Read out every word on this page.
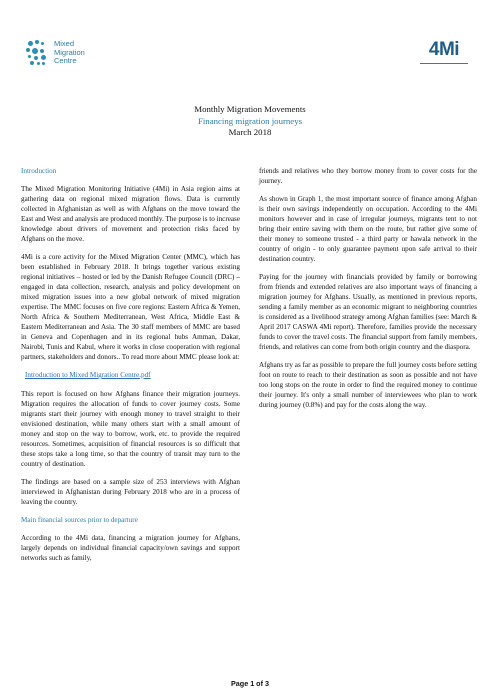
Mixed
Migration
Centre
4Mi
Monthly Migration Movements
Financing migration journeys
March 2018

Introduction

The Mixed Migration Monitoring Initiative (4Mi) in Asia region aims at gathering data on regional mixed migration flows. Data is currently collected in Afghanistan as well as with Afghans on the move toward the East and West and analysis are produced monthly. The purpose is to increase knowledge about drivers of movement and protection risks faced by Afghans on the move.

4Mi is a core activity for the Mixed Migration Center (MMC), which has been established in February 2018. It brings together various existing regional initiatives – hosted or led by the Danish Refugee Council (DRC) – engaged in data collection, research, analysis and policy development on mixed migration issues into a new global network of mixed migration expertise. The MMC focuses on five core regions: Eastern Africa & Yemen, North Africa & Southern Mediterranean, West Africa, Middle East & Eastern Mediterranean and Asia. The 30 staff members of MMC are based in Geneva and Copenhagen and in its regional hubs Amman, Dakar, Nairobi, Tunis and Kabul, where it works in close cooperation with regional partners, stakeholders and donors.. To read more about MMC please look at:

Introduction to Mixed Migration Centre.pdf

This report is focused on how Afghans finance their migration journeys. Migration requires the allocation of funds to cover journey costs. Some migrants start their journey with enough money to travel straight to their envisioned destination, while many others start with a small amount of money and stop on the way to borrow, work, etc. to provide the required resources. Sometimes, acquisition of financial resources is so difficult that these stops take a long time, so that the country of transit may turn to the country of destination.

The findings are based on a sample size of 253 interviews with Afghan interviewed in Afghanistan during February 2018 who are in a process of leaving the country.

Main financial sources prior to departure

According to the 4Mi data, financing a migration journey for Afghans, largely depends on individual financial capacity/own savings and support networks such as family,

friends and relatives who they borrow money from to cover costs for the journey.

As shown in Graph 1, the most important source of finance among Afghan is their own savings independently on occupation. According to the 4Mi monitors however and in case of irregular journeys, migrants tent to not bring their entire saving with them on the route, but rather give some of their money to someone trusted - a third party or hawala network in the country of origin - to only guarantee payment upon safe arrival to their destination country.

Paying for the journey with financials provided by family or borrowing from friends and extended relatives are also important ways of financing a migration journey for Afghans. Usually, as mentioned in previous reports, sending a family member as an economic migrant to neighboring countries is considered as a livelihood strategy among Afghan families (see: March & April 2017 CASWA 4Mi report). Therefore, families provide the necessary funds to cover the travel costs. The financial support from family members, friends, and relatives can come from both origin country and the diaspora.

Afghans try as far as possible to prepare the full journey costs before setting foot on route to reach to their destination as soon as possible and not have too long stops on the route in order to find the required money to continue their journey. It's only a small number of interviewees who plan to work during journey (0.8%) and pay for the costs along the way.

Page 1 of 3
